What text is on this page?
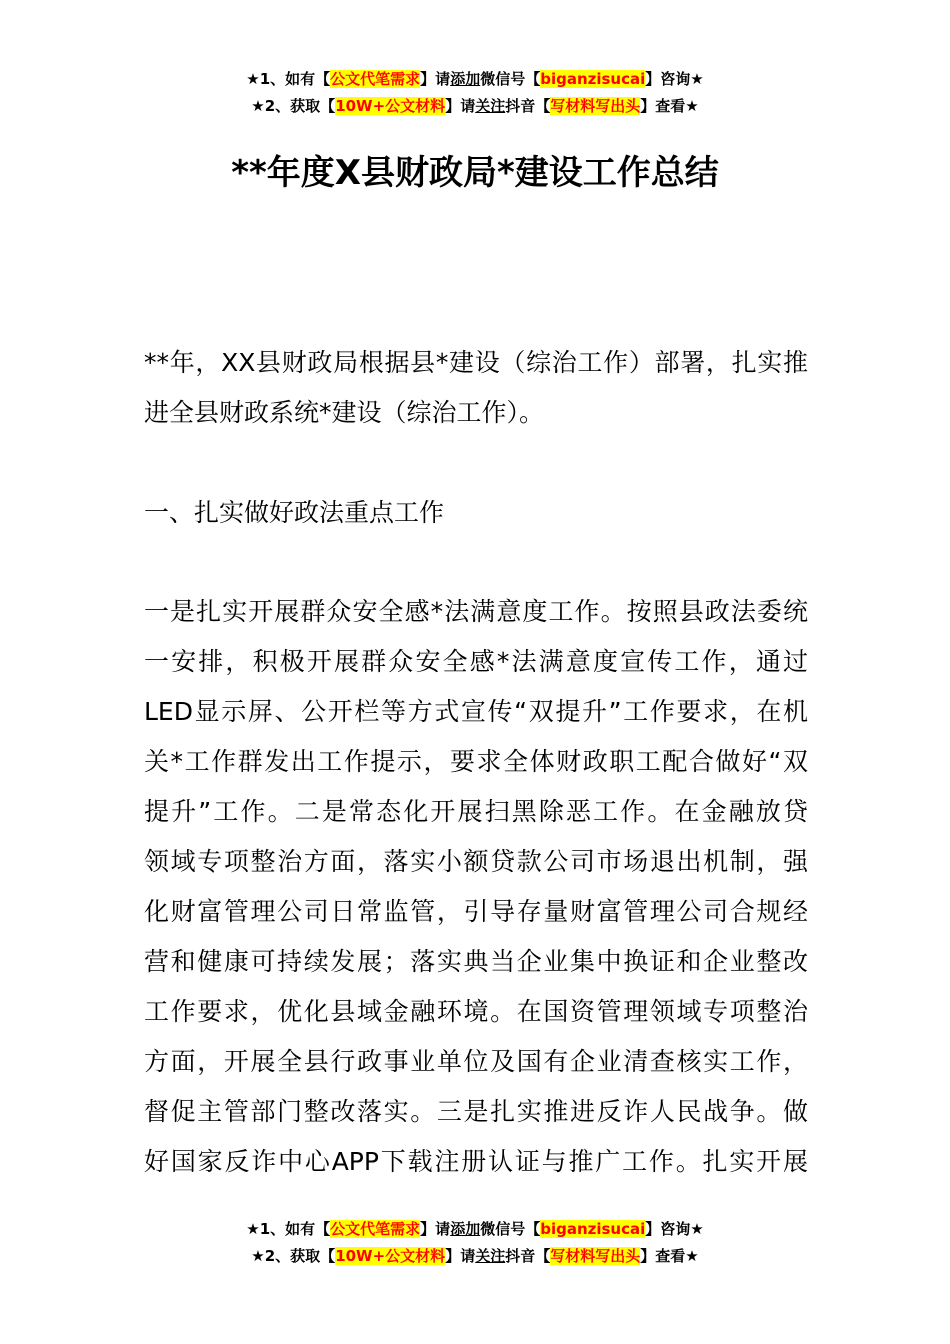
★1、如有【公文代笔需求】请添加微信号【biganzisucai】咨询★
★2、获取【10W+公文材料】请关注抖音【写材料写出头】查看★
**年度X县财政局*建设工作总结
**年，XX县财政局根据县*建设（综治工作）部署，扎实推
进全县财政系统*建设（综治工作）。
一、扎实做好政法重点工作
一是扎实开展群众安全感*法满意度工作。按照县政法委统
一安排，积极开展群众安全感*法满意度宣传工作，通过
LED显示屏、公开栏等方式宣传“双提升”工作要求，在机
关*工作群发出工作提示，要求全体财政职工配合做好“双
提升”工作。二是常态化开展扫黑除恶工作。在金融放贷
领域专项整治方面，落实小额贷款公司市场退出机制，强
化财富管理公司日常监管，引导存量财富管理公司合规经
营和健康可持续发展；落实典当企业集中换证和企业整改
工作要求，优化县域金融环境。在国资管理领域专项整治
方面，开展全县行政事业单位及国有企业清查核实工作，
督促主管部门整改落实。三是扎实推进反诈人民战争。做
好国家反诈中心APP下载注册认证与推广工作。扎实开展
★1、如有【公文代笔需求】请添加微信号【biganzisucai】咨询★
★2、获取【10W+公文材料】请关注抖音【写材料写出头】查看★
